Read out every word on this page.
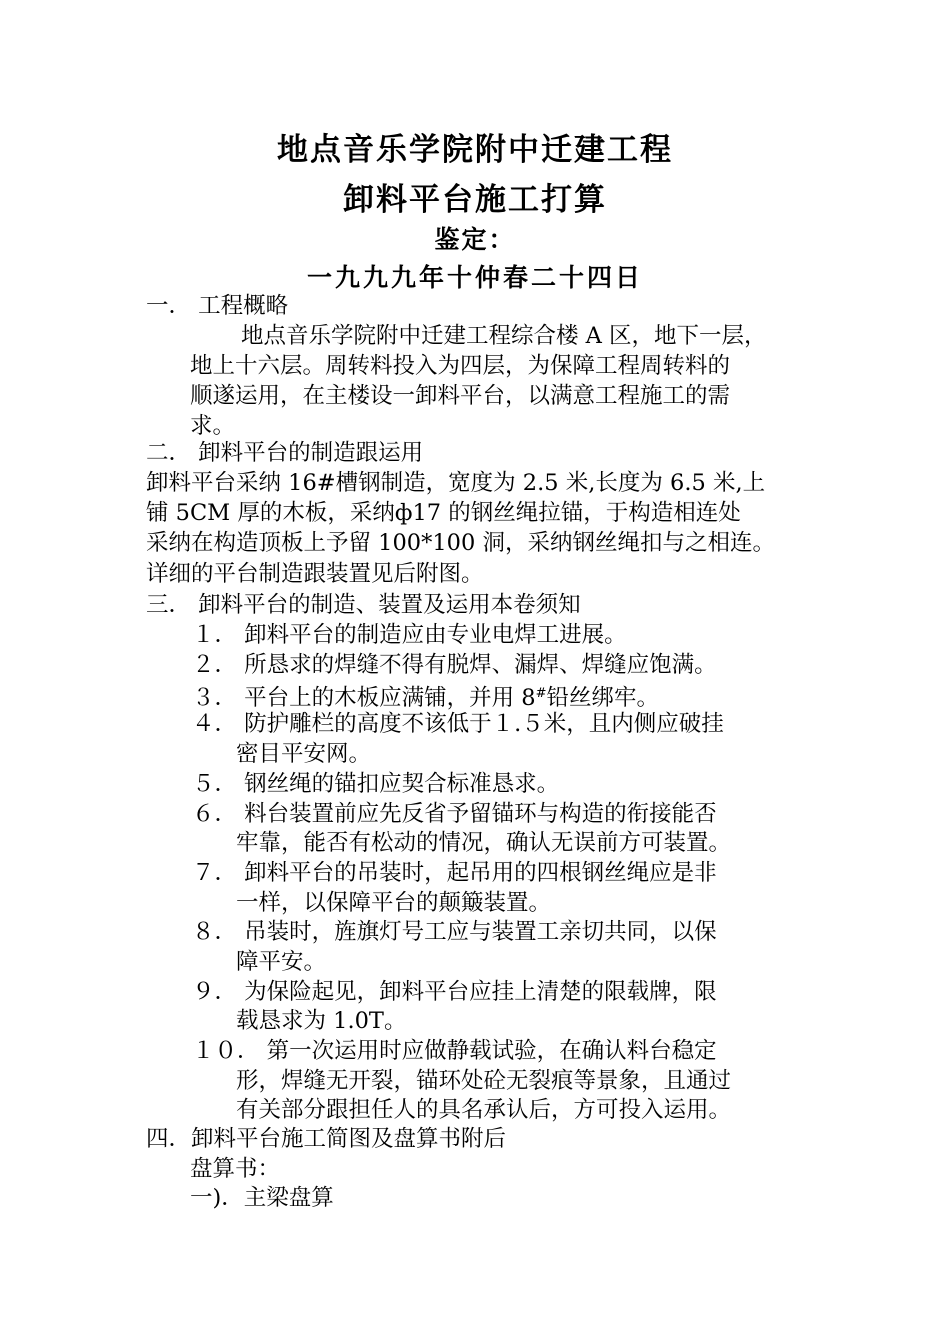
地点音乐学院附中迁建工程
卸料平台施工打算
鉴定：
一九九九年十仲春二十四日
一． 工程概略
地点音乐学院附中迁建工程综合楼 A 区，地下一层，
地上十六层。周转料投入为四层，为保障工程周转料的
顺遂运用，在主楼设一卸料平台，以满意工程施工的需
求。
二． 卸料平台的制造跟运用
卸料平台采纳 16#槽钢制造，宽度为 2.5 米,长度为 6.5 米,上
铺 5CM 厚的木板，采纳ф17 的钢丝绳拉锚，于构造相连处
采纳在构造顶板上予留 100*100 洞，采纳钢丝绳扣与之相连。
详细的平台制造跟装置见后附图。
三． 卸料平台的制造、装置及运用本卷须知
１． 卸料平台的制造应由专业电焊工进展。
２． 所恳求的焊缝不得有脱焊、漏焊、焊缝应饱满。
３． 平台上的木板应满铺，并用 8#铅丝绑牢。
４． 防护雕栏的高度不该低于１.５米，且内侧应破挂
密目平安网。
５． 钢丝绳的锚扣应契合标准恳求。
６． 料台装置前应先反省予留锚环与构造的衔接能否
牢靠，能否有松动的情况，确认无误前方可装置。
７． 卸料平台的吊装时，起吊用的四根钢丝绳应是非
一样，以保障平台的颠簸装置。
８． 吊装时，旌旗灯号工应与装置工亲切共同，以保
障平安。
９． 为保险起见，卸料平台应挂上清楚的限载牌，限
载恳求为 1.0T。
１０． 第一次运用时应做静载试验，在确认料台稳定
形，焊缝无开裂，锚环处砼无裂痕等景象，且通过
有关部分跟担任人的具名承认后，方可投入运用。
四．卸料平台施工简图及盘算书附后
盘算书：
一)．主梁盘算
